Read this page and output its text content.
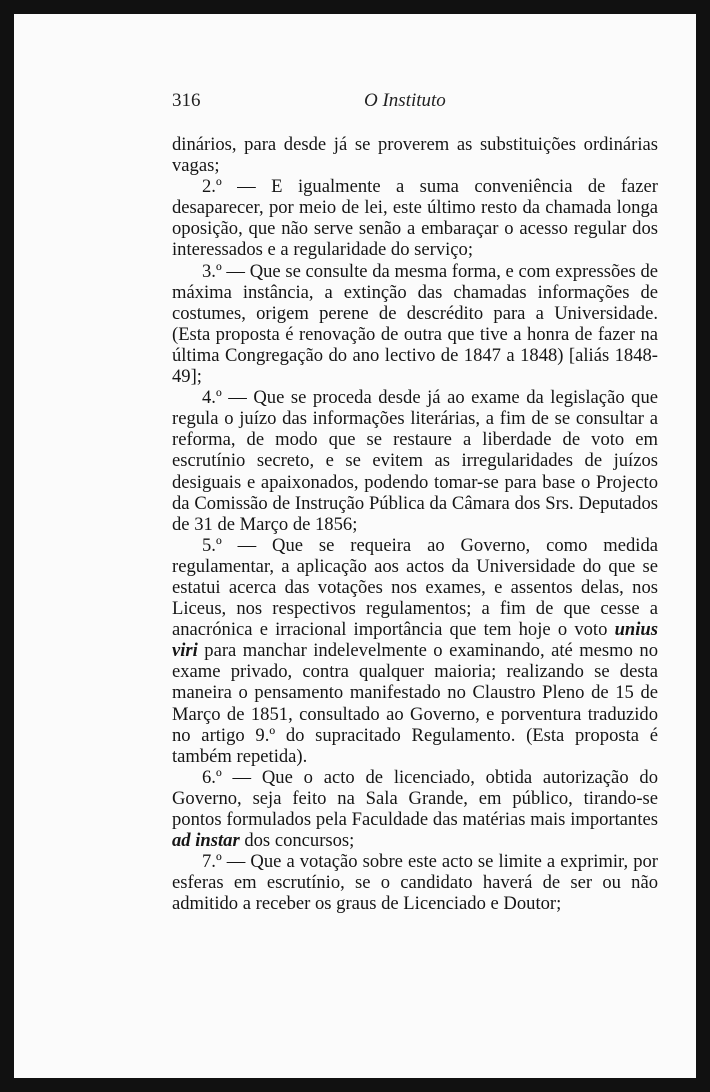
316	O Instituto

dinários, para desde já se proverem as substituições ordinárias vagas;

2.º — E igualmente a suma conveniência de fazer desaparecer, por meio de lei, este último resto da chamada longa oposição, que não serve senão a embaraçar o acesso regular dos interessados e a regularidade do serviço;

3.º — Que se consulte da mesma forma, e com expressões de máxima instância, a extinção das chamadas informações de costumes, origem perene de descrédito para a Universidade. (Esta proposta é renovação de outra que tive a honra de fazer na última Congregação do ano lectivo de 1847 a 1848) [aliás 1848-49];

4.º — Que se proceda desde já ao exame da legislação que regula o juízo das informações literárias, a fim de se consultar a reforma, de modo que se restaure a liberdade de voto em escrutínio secreto, e se evitem as irregularidades de juízos desiguais e apaixonados, podendo tomar-se para base o Projecto da Comissão de Instrução Pública da Câmara dos Srs. Deputados de 31 de Março de 1856;

5.º — Que se requeira ao Governo, como medida regulamentar, a aplicação aos actos da Universidade do que se estatui acerca das votações nos exames, e assentos delas, nos Liceus, nos respectivos regulamentos; a fim de que cesse a anacrónica e irracional importância que tem hoje o voto unius viri para manchar indelevelmente o examinando, até mesmo no exame privado, contra qualquer maioria; realizando se desta maneira o pensamento manifestado no Claustro Pleno de 15 de Março de 1851, consultado ao Governo, e porventura traduzido no artigo 9.º do supracitado Regulamento. (Esta proposta é também repetida).

6.º — Que o acto de licenciado, obtida autorização do Governo, seja feito na Sala Grande, em público, tirando-se pontos formulados pela Faculdade das matérias mais importantes ad instar dos concursos;

7.º — Que a votação sobre este acto se limite a exprimir, por esferas em escrutínio, se o candidato haverá de ser ou não admitido a receber os graus de Licenciado e Doutor;
